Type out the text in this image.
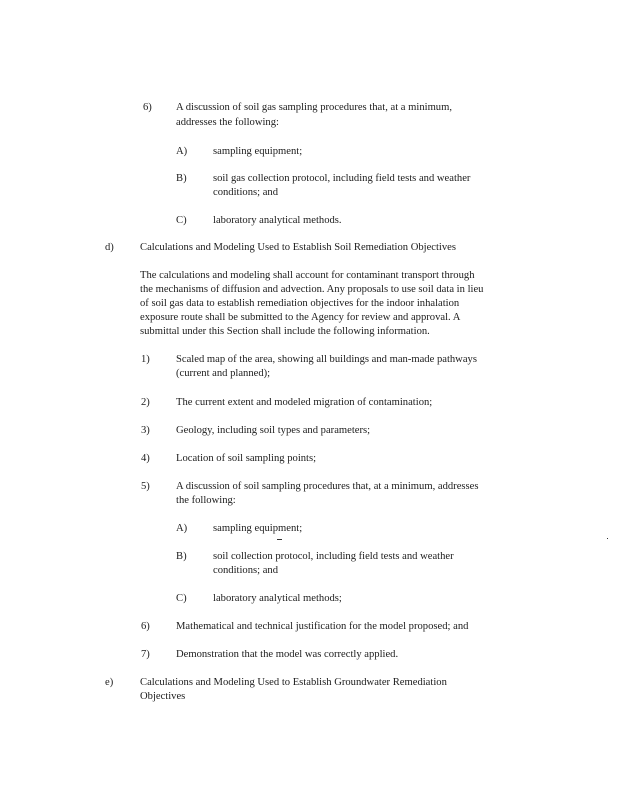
6) A discussion of soil gas sampling procedures that, at a minimum,
addresses the following:
A) sampling equipment;
B) soil gas collection protocol, including field tests and weather
conditions; and
C) laboratory analytical methods.
d) Calculations and Modeling Used to Establish Soil Remediation Objectives
The calculations and modeling shall account for contaminant transport through
the mechanisms of diffusion and advection. Any proposals to use soil data in lieu
of soil gas data to establish remediation objectives for the indoor inhalation
exposure route shall be submitted to the Agency for review and approval. A
submittal under this Section shall include the following information.
1) Scaled map of the area, showing all buildings and man-made pathways
(current and planned);
2) The current extent and modeled migration of contamination;
3) Geology, including soil types and parameters;
4) Location of soil sampling points;
5) A discussion of soil sampling procedures that, at a minimum, addresses
the following:
A) sampling equipment;
B) soil collection protocol, including field tests and weather
conditions; and
C) laboratory analytical methods;
6) Mathematical and technical justification for the model proposed; and
7) Demonstration that the model was correctly applied.
e)	Calculations and Modeling Used to Establish Groundwater Remediation
Objectives
